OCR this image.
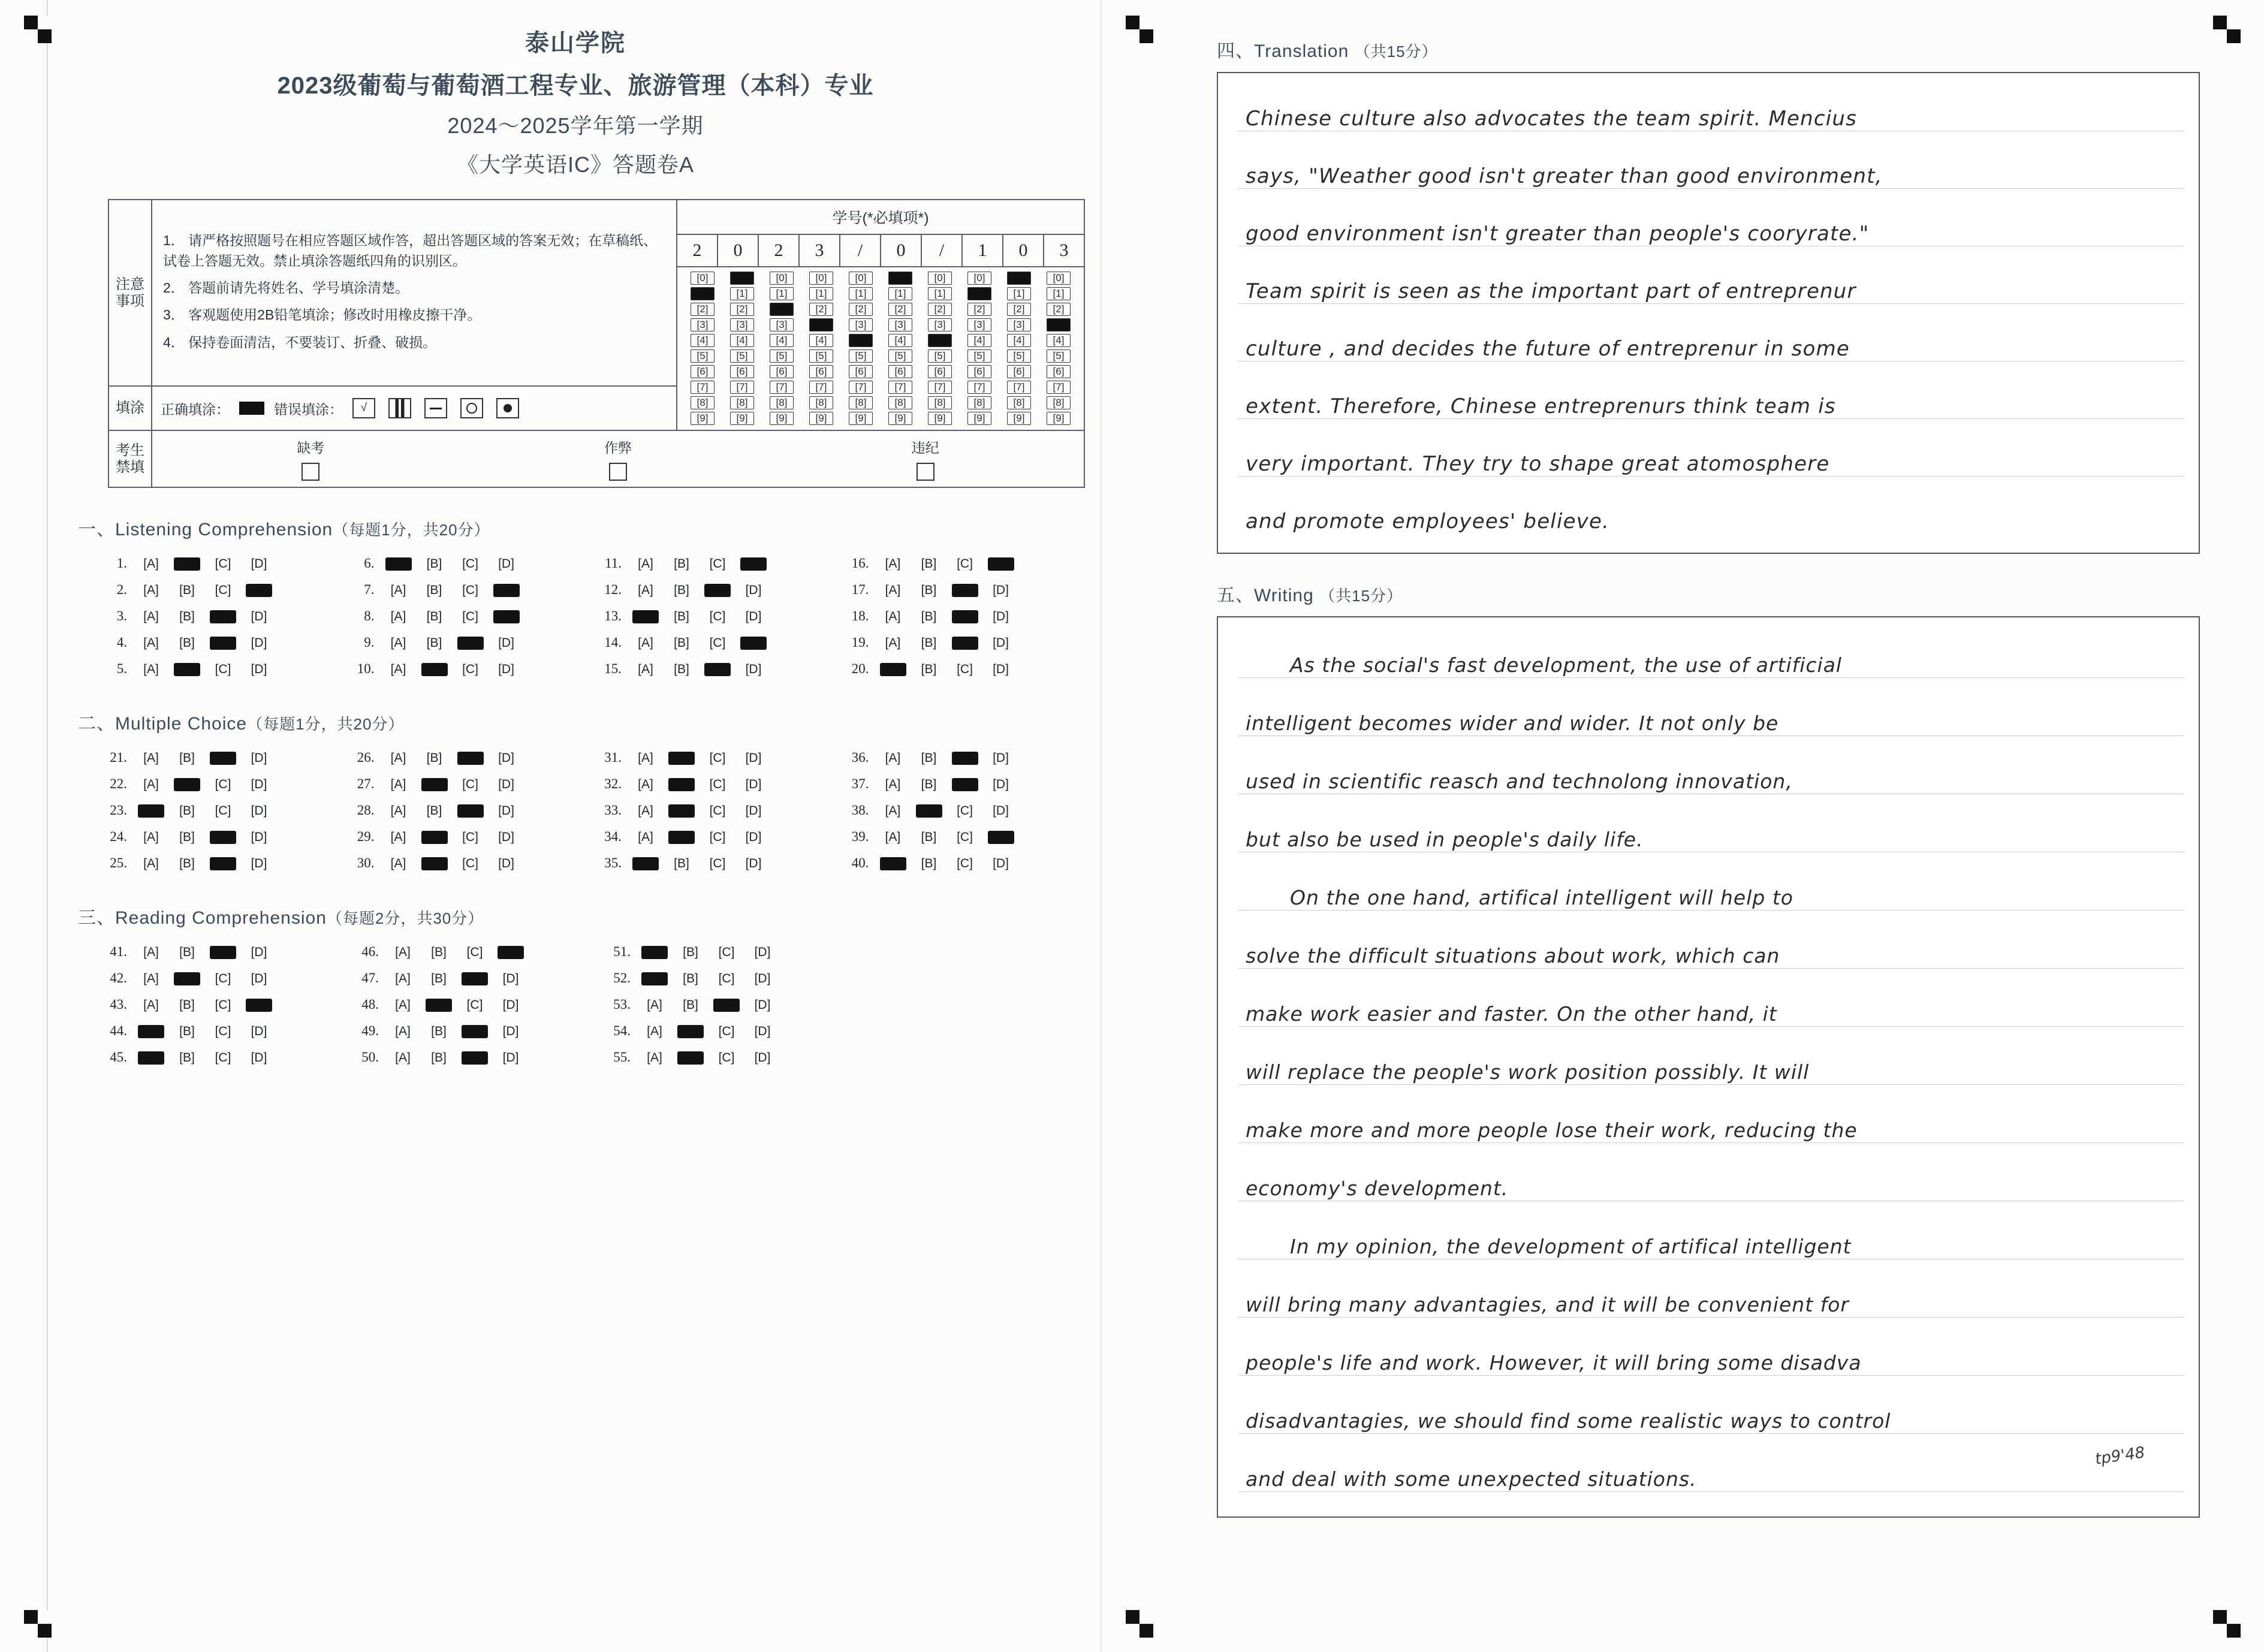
泰山学院
2023级葡萄与葡萄酒工程专业、旅游管理（本科）专业
2024～2025学年第一学期
《大学英语IC》答题卷A
注意事项	

1． 请严格按照题号在相应答题区域作答，超出答题区域的答案无效；在草稿纸、试卷上答题无效。禁止填涂答题纸四角的识别区。

2． 答题前请先将姓名、学号填涂清楚。

3． 客观题使用2B铅笔填涂；修改时用橡皮擦干净。

4． 保持卷面清洁，不要装订、折叠、破损。

学号(*必填项*)
2	0	2	3	/	0	/	1	0	3
[0]	[0]	[0]	[0]	[0]	[0]	[0]	[0]	[0]	[0]
[1]	[1]	[1]	[1]	[1]	[1]	[1]	[1]	[1]	[1]
[2]	[2]	[2]	[2]	[2]	[2]	[2]	[2]	[2]	[2]
[3]	[3]	[3]	[3]	[3]	[3]	[3]	[3]	[3]	[3]
[4]	[4]	[4]	[4]	[4]	[4]	[4]	[4]	[4]	[4]
[5]	[5]	[5]	[5]	[5]	[5]	[5]	[5]	[5]	[5]
[6]	[6]	[6]	[6]	[6]	[6]	[6]	[6]	[6]	[6]
[7]	[7]	[7]	[7]	[7]	[7]	[7]	[7]	[7]	[7]
[8]	[8]	[8]	[8]	[8]	[8]	[8]	[8]	[8]	[8]
[9]	[9]	[9]	[9]	[9]	[9]	[9]	[9]	[9]	[9]

填涂	正确填涂： 错误填涂： √	

考生禁填	缺考 作弊 违纪	
一、Listening Comprehension（每题1分，共20分）
1.	[A]	[B]	[C]	[D]
2.	[A]	[B]	[C]	[D]
3.	[A]	[B]	[C]	[D]
4.	[A]	[B]	[C]	[D]
5.	[A]	[B]	[C]	[D]
6.	[A]	[B]	[C]	[D]
7.	[A]	[B]	[C]	[D]
8.	[A]	[B]	[C]	[D]
9.	[A]	[B]	[C]	[D]
10.	[A]	[B]	[C]	[D]
11.	[A]	[B]	[C]	[D]
12.	[A]	[B]	[C]	[D]
13.	[A]	[B]	[C]	[D]
14.	[A]	[B]	[C]	[D]
15.	[A]	[B]	[C]	[D]
16.	[A]	[B]	[C]	[D]
17.	[A]	[B]	[C]	[D]
18.	[A]	[B]	[C]	[D]
19.	[A]	[B]	[C]	[D]
20.	[A]	[B]	[C]	[D]
二、Multiple Choice（每题1分，共20分）
21.	[A]	[B]	[C]	[D]
22.	[A]	[B]	[C]	[D]
23.	[A]	[B]	[C]	[D]
24.	[A]	[B]	[C]	[D]
25.	[A]	[B]	[C]	[D]
26.	[A]	[B]	[C]	[D]
27.	[A]	[B]	[C]	[D]
28.	[A]	[B]	[C]	[D]
29.	[A]	[B]	[C]	[D]
30.	[A]	[B]	[C]	[D]
31.	[A]	[B]	[C]	[D]
32.	[A]	[B]	[C]	[D]
33.	[A]	[B]	[C]	[D]
34.	[A]	[B]	[C]	[D]
35.	[A]	[B]	[C]	[D]
36.	[A]	[B]	[C]	[D]
37.	[A]	[B]	[C]	[D]
38.	[A]	[B]	[C]	[D]
39.	[A]	[B]	[C]	[D]
40.	[A]	[B]	[C]	[D]
三、Reading Comprehension（每题2分，共30分）
41.	[A]	[B]	[C]	[D]
42.	[A]	[B]	[C]	[D]
43.	[A]	[B]	[C]	[D]
44.	[A]	[B]	[C]	[D]
45.	[A]	[B]	[C]	[D]
46.	[A]	[B]	[C]	[D]
47.	[A]	[B]	[C]	[D]
48.	[A]	[B]	[C]	[D]
49.	[A]	[B]	[C]	[D]
50.	[A]	[B]	[C]	[D]
51.	[A]	[B]	[C]	[D]
52.	[A]	[B]	[C]	[D]
53.	[A]	[B]	[C]	[D]
54.	[A]	[B]	[C]	[D]
55.	[A]	[B]	[C]	[D]
四、Translation （共15分）
Chinese culture also advocates the team spirit. Mencius
says, "Weather good isn't greater than good environment,
good environment isn't greater than people's cooryrate."
Team spirit is seen as the important part of entreprenur
culture , and decides the future of entreprenur in some
extent. Therefore, Chinese entreprenurs think team is
very important. They try to shape great atomosphere
and promote employees' believe.
五、Writing （共15分）
As the social's fast development, the use of artificial
intelligent becomes wider and wider. It not only be
used in scientific reasch and technolong innovation,
but also be used in people's daily life.
On the one hand, artifical intelligent will help to
solve the difficult situations about work, which can
make work easier and faster. On the other hand, it
will replace the people's work position possibly. It will
make more and more people lose their work, reducing the
economy's development.
In my opinion, the development of artifical intelligent
will bring many advantagies, and it will be convenient for
people's life and work. However, it will bring some disadva
disadvantagies, we should find some realistic ways to control
and deal with some unexpected situations.
tp9'48
